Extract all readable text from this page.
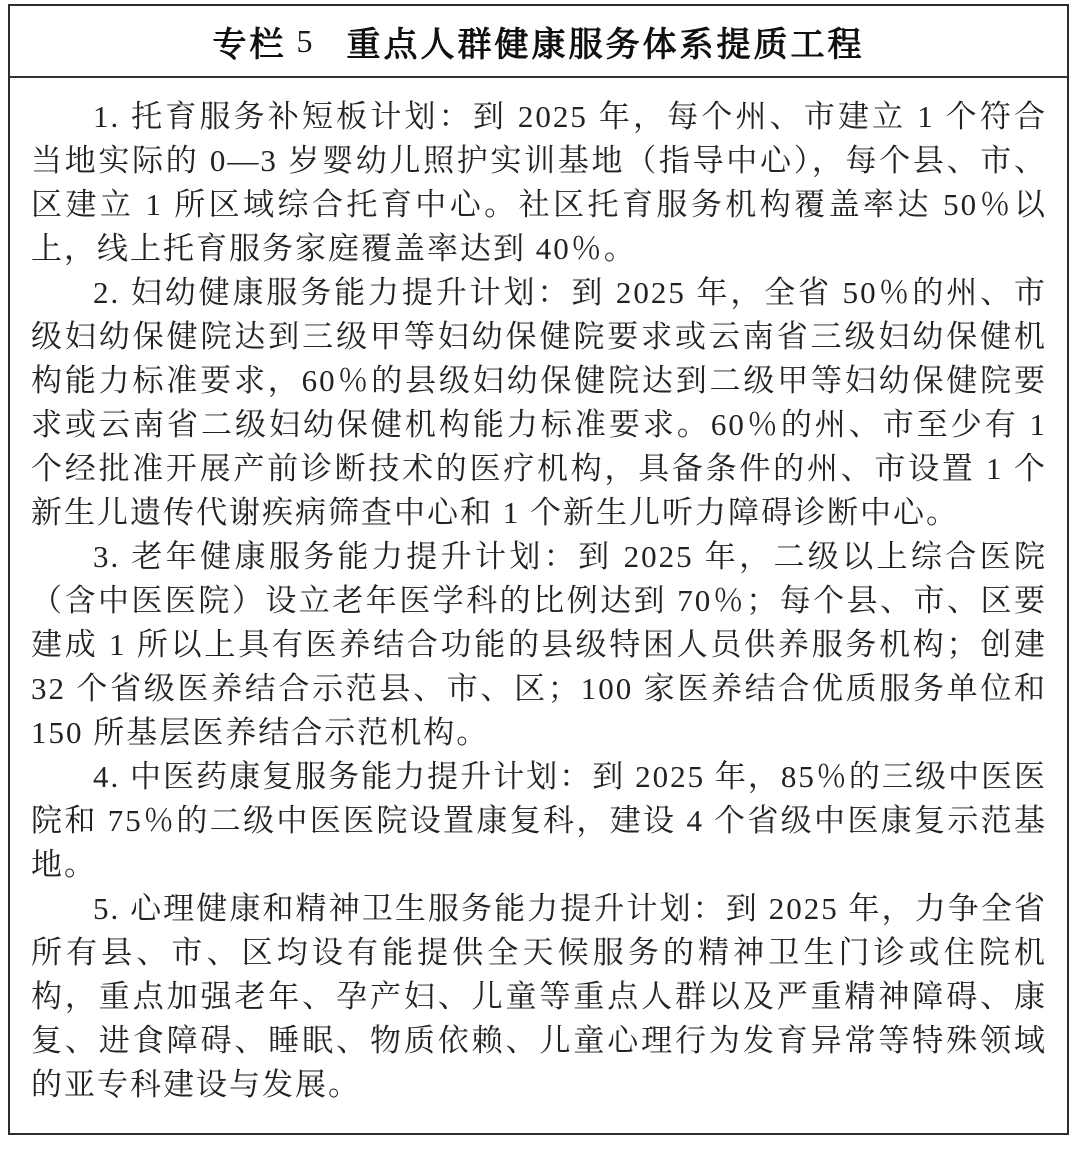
专栏 5 重点人群健康服务体系提质工程

1. 托育服务补短板计划：到 2025 年，每个州、市建立 1 个符合当地实际的 0—3 岁婴幼儿照护实训基地（指导中心），每个县、市、区建立 1 所区域综合托育中心。社区托育服务机构覆盖率达 50％以上，线上托育服务家庭覆盖率达到 40％。

2. 妇幼健康服务能力提升计划：到 2025 年，全省 50％的州、市级妇幼保健院达到三级甲等妇幼保健院要求或云南省三级妇幼保健机构能力标准要求，60％的县级妇幼保健院达到二级甲等妇幼保健院要求或云南省二级妇幼保健机构能力标准要求。60％的州、市至少有 1 个经批准开展产前诊断技术的医疗机构，具备条件的州、市设置 1 个新生儿遗传代谢疾病筛查中心和 1 个新生儿听力障碍诊断中心。

3. 老年健康服务能力提升计划：到 2025 年，二级以上综合医院（含中医医院）设立老年医学科的比例达到 70％；每个县、市、区要建成 1 所以上具有医养结合功能的县级特困人员供养服务机构；创建 32 个省级医养结合示范县、市、区；100 家医养结合优质服务单位和 150 所基层医养结合示范机构。

4. 中医药康复服务能力提升计划：到 2025 年，85％的三级中医医院和 75％的二级中医医院设置康复科，建设 4 个省级中医康复示范基地。

5. 心理健康和精神卫生服务能力提升计划：到 2025 年，力争全省所有县、市、区均设有能提供全天候服务的精神卫生门诊或住院机构，重点加强老年、孕产妇、儿童等重点人群以及严重精神障碍、康复、进食障碍、睡眠、物质依赖、儿童心理行为发育异常等特殊领域的亚专科建设与发展。
